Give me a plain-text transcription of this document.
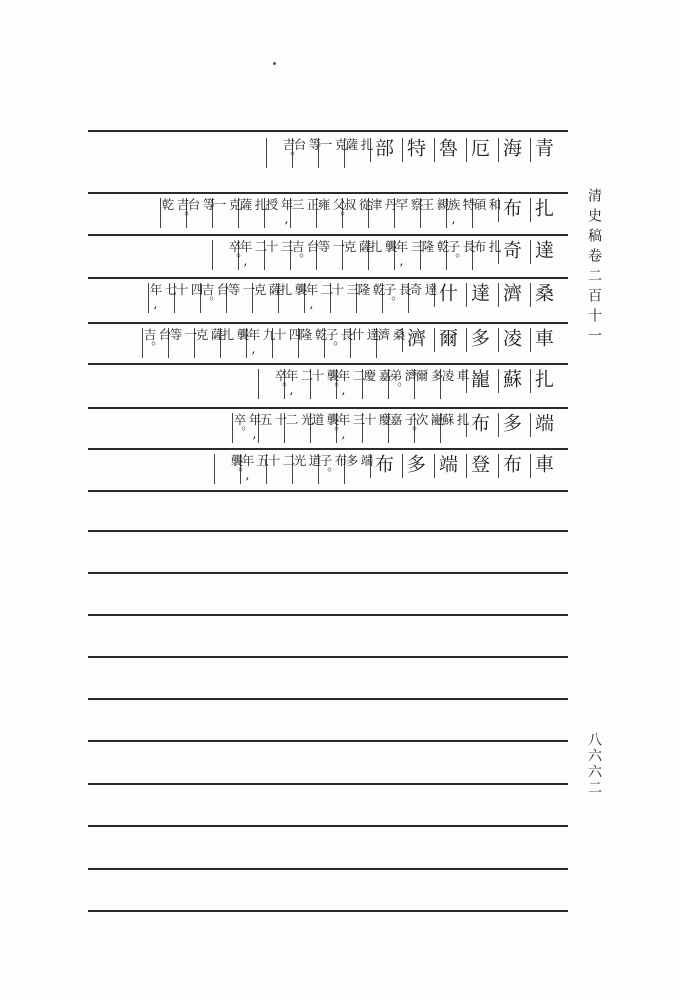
青
海
厄
魯
特
部
扎
薩
克
一
等
台
吉。
扎
布
和
碩
特
族,
親
王
察
罕
丹
津
從
叔
父。
雍
正
三
年,
授
扎
薩
克
一
等
台
吉。
乾
達
奇
扎
布
長
子。
乾
隆
三
年,
襲
扎
薩
克
一
等
台
吉。
三
十
二
年,
卒。
桑
濟
達
什
達
奇
長
子。
乾
隆
三
十
二
年,
襲
扎
薩
克
一
等
台
吉。
四
十
七
年,
車
凌
多
爾
濟
桑
濟
達
什
長
子。
乾
隆
四
十
九
年,
襲
扎
薩
克
一
等
台
吉。
扎
蘇
巃
車
凌
多
爾
濟
弟。
嘉
慶
二
年,
襲。
十
二
年,
卒。
端
多
布
扎
蘇
巃
次
子。
嘉
慶
十
三
年,
襲。
道
光
二
十
五
年,
卒。
車
布
登
端
多
布
端
多
布
子。
道
光
二
十
五
年,
襲。
清史稿卷二百十一
八六六二
